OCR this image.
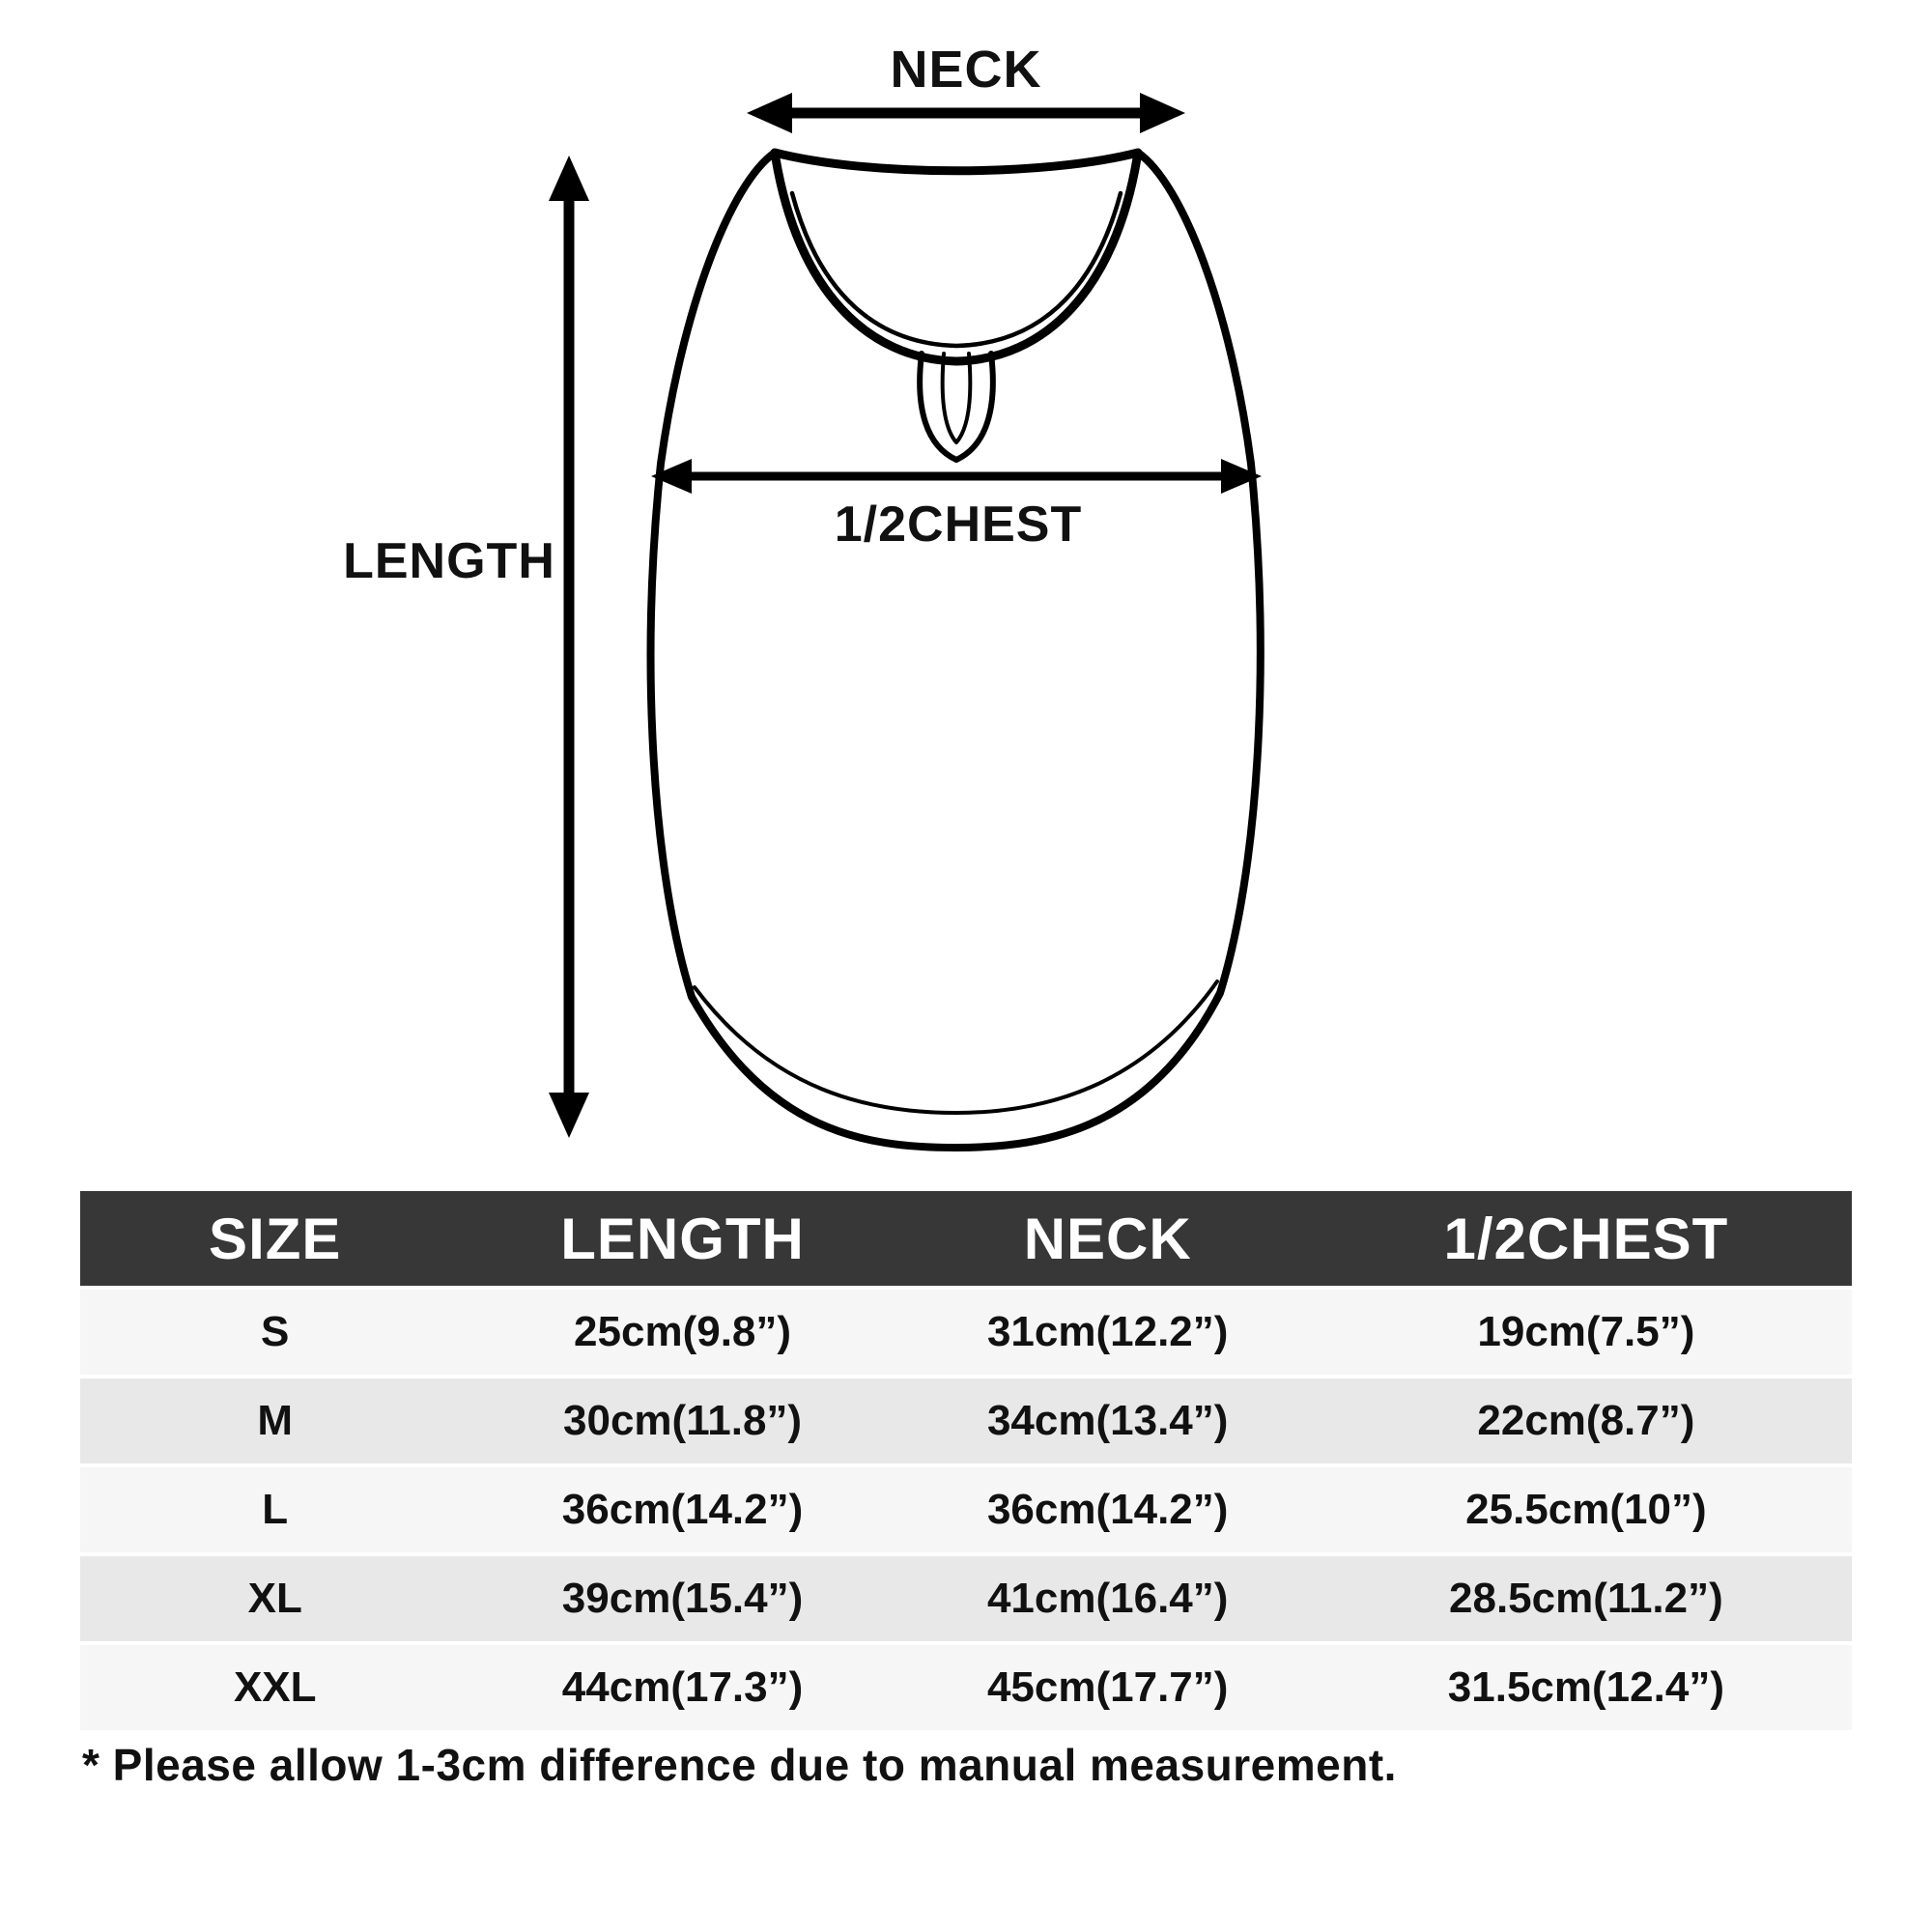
NECK
LENGTH
1/2CHEST
SIZE	LENGTH	NECK	1/2CHEST
S	25cm(9.8”)	31cm(12.2”)	19cm(7.5”)
M	30cm(11.8”)	34cm(13.4”)	22cm(8.7”)
L	36cm(14.2”)	36cm(14.2”)	25.5cm(10”)
XL	39cm(15.4”)	41cm(16.4”)	28.5cm(11.2”)
XXL	44cm(17.3”)	45cm(17.7”)	31.5cm(12.4”)
* Please allow 1-3cm difference due to manual measurement.
